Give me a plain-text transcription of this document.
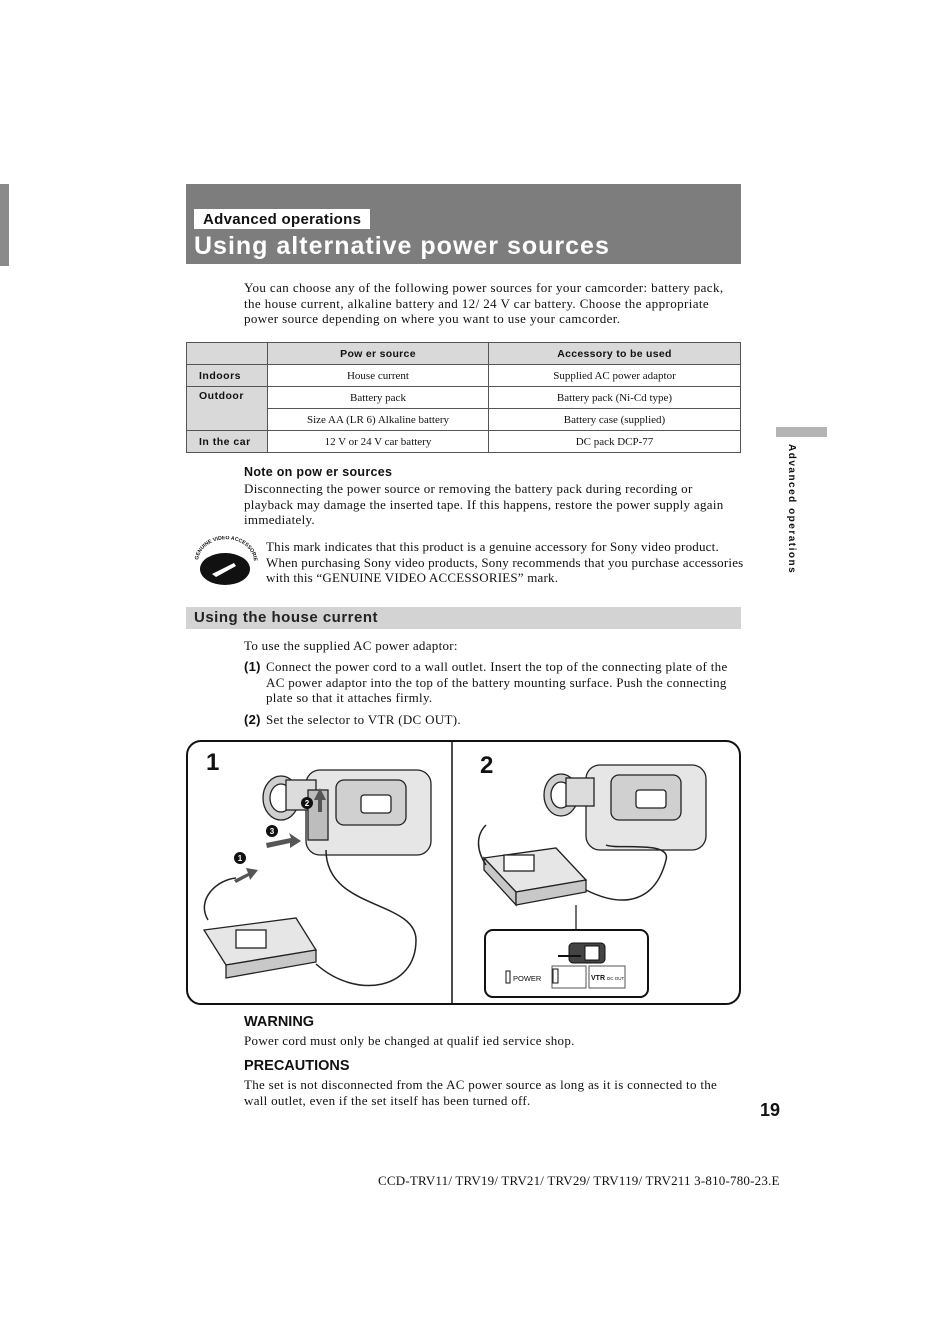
Advanced operations
Using alternative power sources
You can choose any of the following power sources for your camcorder: battery pack, the house current, alkaline battery and 12/ 24 V car battery. Choose the appropriate power source depending on where you want to use your camcorder.
	Pow er source	Accessory to be used
Indoors	House current	Supplied AC power adaptor
Outdoor	Battery pack	Battery pack (Ni-Cd type)
	Size AA (LR 6) Alkaline battery	Battery case (supplied)
In the car	12 V or 24 V car battery	DC pack DCP-77
Note on pow er sources
Disconnecting the power source or removing the battery pack during recording or playback may damage the inserted tape. If this happens, restore the power supply again immediately.
GENUINE VIDEO ACCESSORIE
This mark indicates that this product is a genuine accessory for Sony video product. When purchasing Sony video products, Sony recommends that you purchase accessories with this “GENUINE VIDEO ACCESSORIES” mark.
Using the house current
To use the supplied AC power adaptor:
(1) Connect the power cord to a wall outlet. Insert the top of the connecting plate of the AC power adaptor into the top of the battery mounting surface. Push the connecting plate so that it attaches firmly.
(2) Set the selector to VTR (DC OUT).
Advanced operations
1	2
1
2
3
POWER	VTR DC OUT
WARNING
Power cord must only be changed at qualif ied service shop.
PRECAUTIONS
The set is not disconnected from the AC power source as long as it is connected to the wall outlet, even if the set itself has been turned off.	19
CCD-TRV11/ TRV19/ TRV21/ TRV29/ TRV119/ TRV211 3-810-780-23.E
